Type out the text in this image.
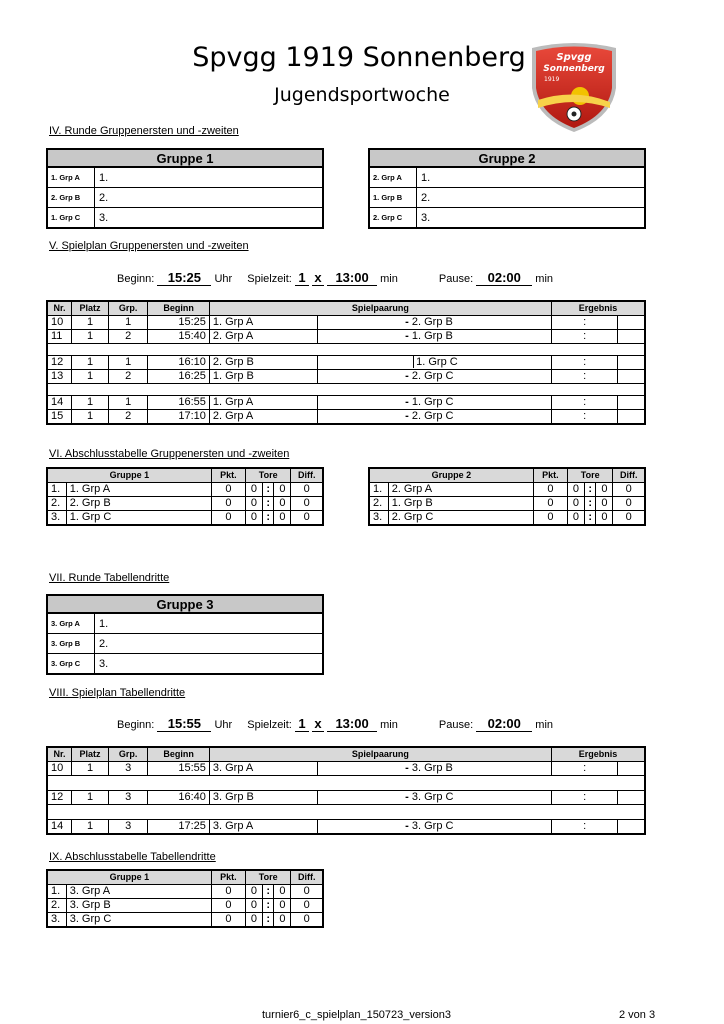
Spvgg 1919 Sonnenberg
Jugendsportwoche
Spvgg
Sonnenberg
1919
IV. Runde Gruppenersten und -zweiten
Gruppe 1	
1. Grp A	1.
2. Grp B	2.
1. Grp C	3.
Gruppe 2	
2. Grp A	1.
1. Grp B	2.
2. Grp C	3.
V. Spielplan Gruppenersten und -zweiten
Beginn: 15:25 Uhr Spielzeit: 1 x 13:00 min	Pause: 02:00 min
Nr.	Platz	Grp.	Beginn	Spielpaarung		Ergebnis	
10	1	1	15:25	1. Grp A	- 2. Grp B	:	
11	1	2	15:40	2. Grp A	- 1. Grp B	:	

12	1	1	16:10	2. Grp B	1. Grp C	:	
13	1	2	16:25	1. Grp B	- 2. Grp C	:	

14	1	1	16:55	1. Grp A	- 1. Grp C	:	
15	1	2	17:10	2. Grp A	- 2. Grp C	:	
VI. Abschlusstabelle Gruppenersten und -zweiten
Gruppe 1		Pkt.	Tore			Diff.
1.	1. Grp A	0	0	:	0	0
2.	2. Grp B	0	0	:	0	0
3.	1. Grp C	0	0	:	0	0
Gruppe 2		Pkt.	Tore			Diff.
1.	2. Grp A	0	0	:	0	0
2.	1. Grp B	0	0	:	0	0
3.	2. Grp C	0	0	:	0	0
VII. Runde Tabellendritte
Gruppe 3	
3. Grp A	1.
3. Grp B	2.
3. Grp C	3.
VIII. Spielplan Tabellendritte
Beginn: 15:55 Uhr Spielzeit: 1 x 13:00 min	Pause: 02:00 min
Nr.	Platz	Grp.	Beginn	Spielpaarung		Ergebnis	
10	1	3	15:55	3. Grp A	- 3. Grp B	:	

12	1	3	16:40	3. Grp B	- 3. Grp C	:	

14	1	3	17:25	3. Grp A	- 3. Grp C	:	
IX. Abschlusstabelle Tabellendritte
Gruppe 1		Pkt.	Tore			Diff.
1.	3. Grp A	0	0	:	0	0
2.	3. Grp B	0	0	:	0	0
3.	3. Grp C	0	0	:	0	0
turnier6_c_spielplan_150723_version3	2 von 3
